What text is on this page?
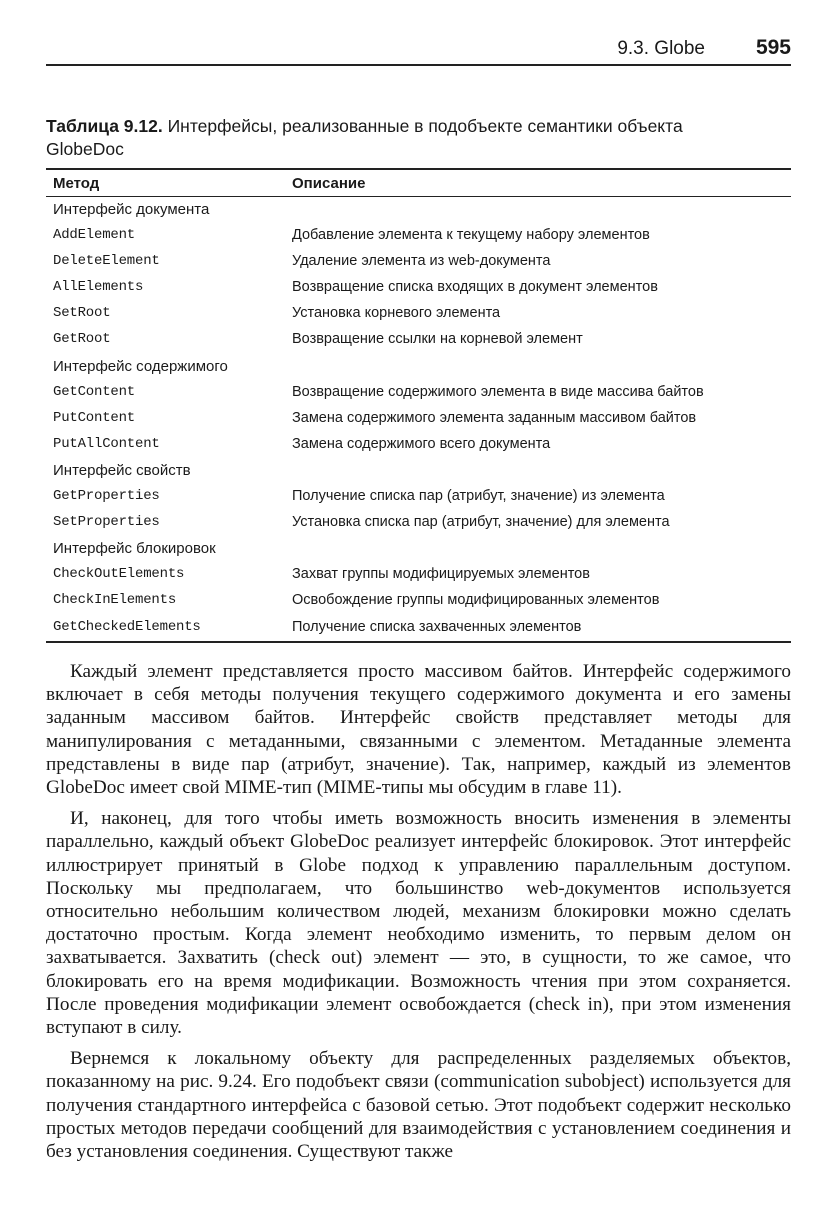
9.3. Globe 595
Таблица 9.12. Интерфейсы, реализованные в подобъекте семантики объекта GlobeDoc
Метод	Описание
Интерфейс документа
AddElement	Добавление элемента к текущему набору элементов
DeleteElement	Удаление элемента из web-документа
AllElements	Возвращение списка входящих в документ элементов
SetRoot	Установка корневого элемента
GetRoot	Возвращение ссылки на корневой элемент
Интерфейс содержимого
GetContent	Возвращение содержимого элемента в виде массива байтов
PutContent	Замена содержимого элемента заданным массивом байтов
PutAllContent	Замена содержимого всего документа
Интерфейс свойств
GetProperties	Получение списка пар (атрибут, значение) из элемента
SetProperties	Установка списка пар (атрибут, значение) для элемента
Интерфейс блокировок
CheckOutElements	Захват группы модифицируемых элементов
CheckInElements	Освобождение группы модифицированных элементов
GetCheckedElements	Получение списка захваченных элементов

Каждый элемент представляется просто массивом байтов. Интерфейс содержимого включает в себя методы получения текущего содержимого документа и его замены заданным массивом байтов. Интерфейс свойств представляет методы для манипулирования с метаданными, связанными с элементом. Метаданные элемента представлены в виде пар (атрибут, значение). Так, например, каждый из элементов GlobeDoc имеет свой MIME-тип (MIME-типы мы обсудим в главе 11).

И, наконец, для того чтобы иметь возможность вносить изменения в элементы параллельно, каждый объект GlobeDoc реализует интерфейс блокировок. Этот интерфейс иллюстрирует принятый в Globe подход к управлению параллельным доступом. Поскольку мы предполагаем, что большинство web-документов используется относительно небольшим количеством людей, механизм блокировки можно сделать достаточно простым. Когда элемент необходимо изменить, то первым делом он захватывается. Захватить (check out) элемент — это, в сущности, то же самое, что блокировать его на время модификации. Возможность чтения при этом сохраняется. После проведения модификации элемент освобождается (check in), при этом изменения вступают в силу.

Вернемся к локальному объекту для распределенных разделяемых объектов, показанному на рис. 9.24. Его подобъект связи (communication subobject) используется для получения стандартного интерфейса с базовой сетью. Этот подобъект содержит несколько простых методов передачи сообщений для взаимодействия с установлением соединения и без установления соединения. Существуют также
